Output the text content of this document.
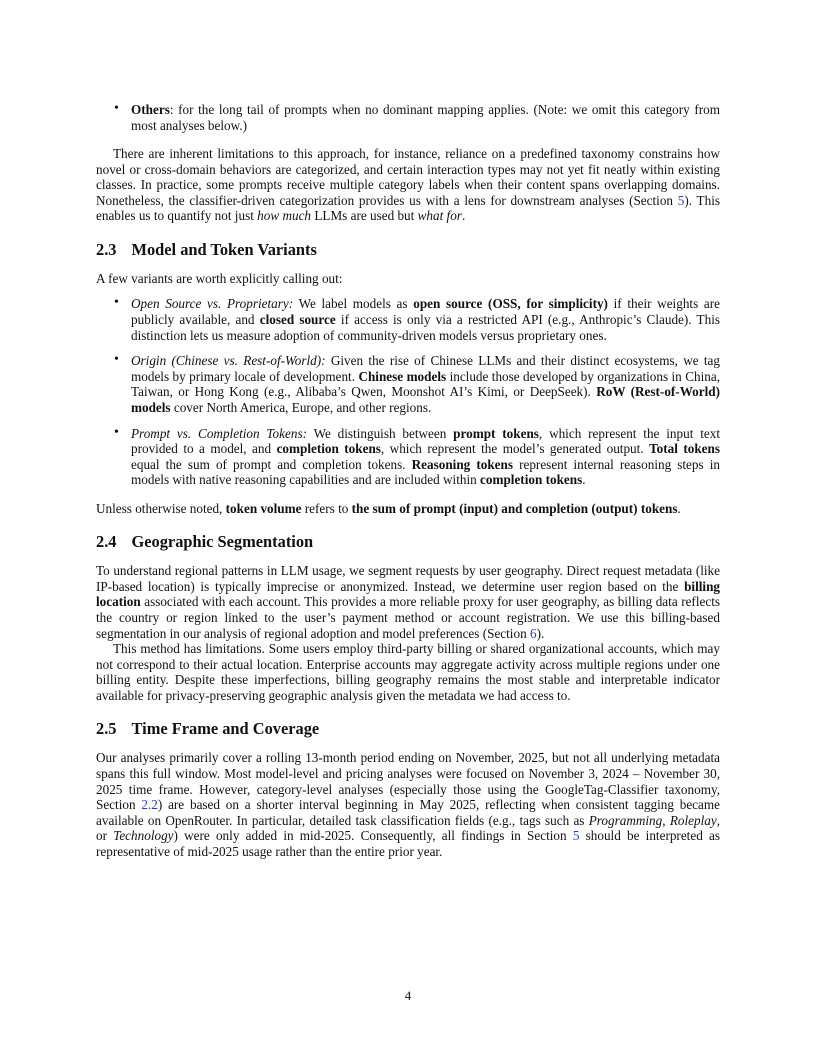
• Others: for the long tail of prompts when no dominant mapping applies. (Note: we omit this category from most analyses below.)

There are inherent limitations to this approach, for instance, reliance on a predefined taxonomy constrains how novel or cross-domain behaviors are categorized, and certain interaction types may not yet fit neatly within existing classes. In practice, some prompts receive multiple category labels when their content spans overlapping domains. Nonetheless, the classifier-driven categorization provides us with a lens for downstream analyses (Section 5). This enables us to quantify not just how much LLMs are used but what for.

2.3 Model and Token Variants

A few variants are worth explicitly calling out:

• Open Source vs. Proprietary: We label models as open source (OSS, for simplicity) if their weights are publicly available, and closed source if access is only via a restricted API (e.g., Anthropic’s Claude). This distinction lets us measure adoption of community-driven models versus proprietary ones.
• Origin (Chinese vs. Rest-of-World): Given the rise of Chinese LLMs and their distinct ecosystems, we tag models by primary locale of development. Chinese models include those developed by organizations in China, Taiwan, or Hong Kong (e.g., Alibaba’s Qwen, Moonshot AI’s Kimi, or DeepSeek). RoW (Rest-of-World) models cover North America, Europe, and other regions.
• Prompt vs. Completion Tokens: We distinguish between prompt tokens, which represent the input text provided to a model, and completion tokens, which represent the model’s generated output. Total tokens equal the sum of prompt and completion tokens. Reasoning tokens represent internal reasoning steps in models with native reasoning capabilities and are included within completion tokens.

Unless otherwise noted, token volume refers to the sum of prompt (input) and completion (output) tokens.

2.4 Geographic Segmentation

To understand regional patterns in LLM usage, we segment requests by user geography. Direct request metadata (like IP-based location) is typically imprecise or anonymized. Instead, we determine user region based on the billing location associated with each account. This provides a more reliable proxy for user geography, as billing data reflects the country or region linked to the user’s payment method or account registration. We use this billing-based segmentation in our analysis of regional adoption and model preferences (Section 6).

This method has limitations. Some users employ third-party billing or shared organizational accounts, which may not correspond to their actual location. Enterprise accounts may aggregate activity across multiple regions under one billing entity. Despite these imperfections, billing geography remains the most stable and interpretable indicator available for privacy-preserving geographic analysis given the metadata we had access to.

2.5 Time Frame and Coverage

Our analyses primarily cover a rolling 13-month period ending on November, 2025, but not all underlying metadata spans this full window. Most model-level and pricing analyses were focused on November 3, 2024 – November 30, 2025 time frame. However, category-level analyses (especially those using the GoogleTag-Classifier taxonomy, Section 2.2) are based on a shorter interval beginning in May 2025, reflecting when consistent tagging became available on OpenRouter. In particular, detailed task classification fields (e.g., tags such as Programming, Roleplay, or Technology) were only added in mid-2025. Consequently, all findings in Section 5 should be interpreted as representative of mid-2025 usage rather than the entire prior year.

4
